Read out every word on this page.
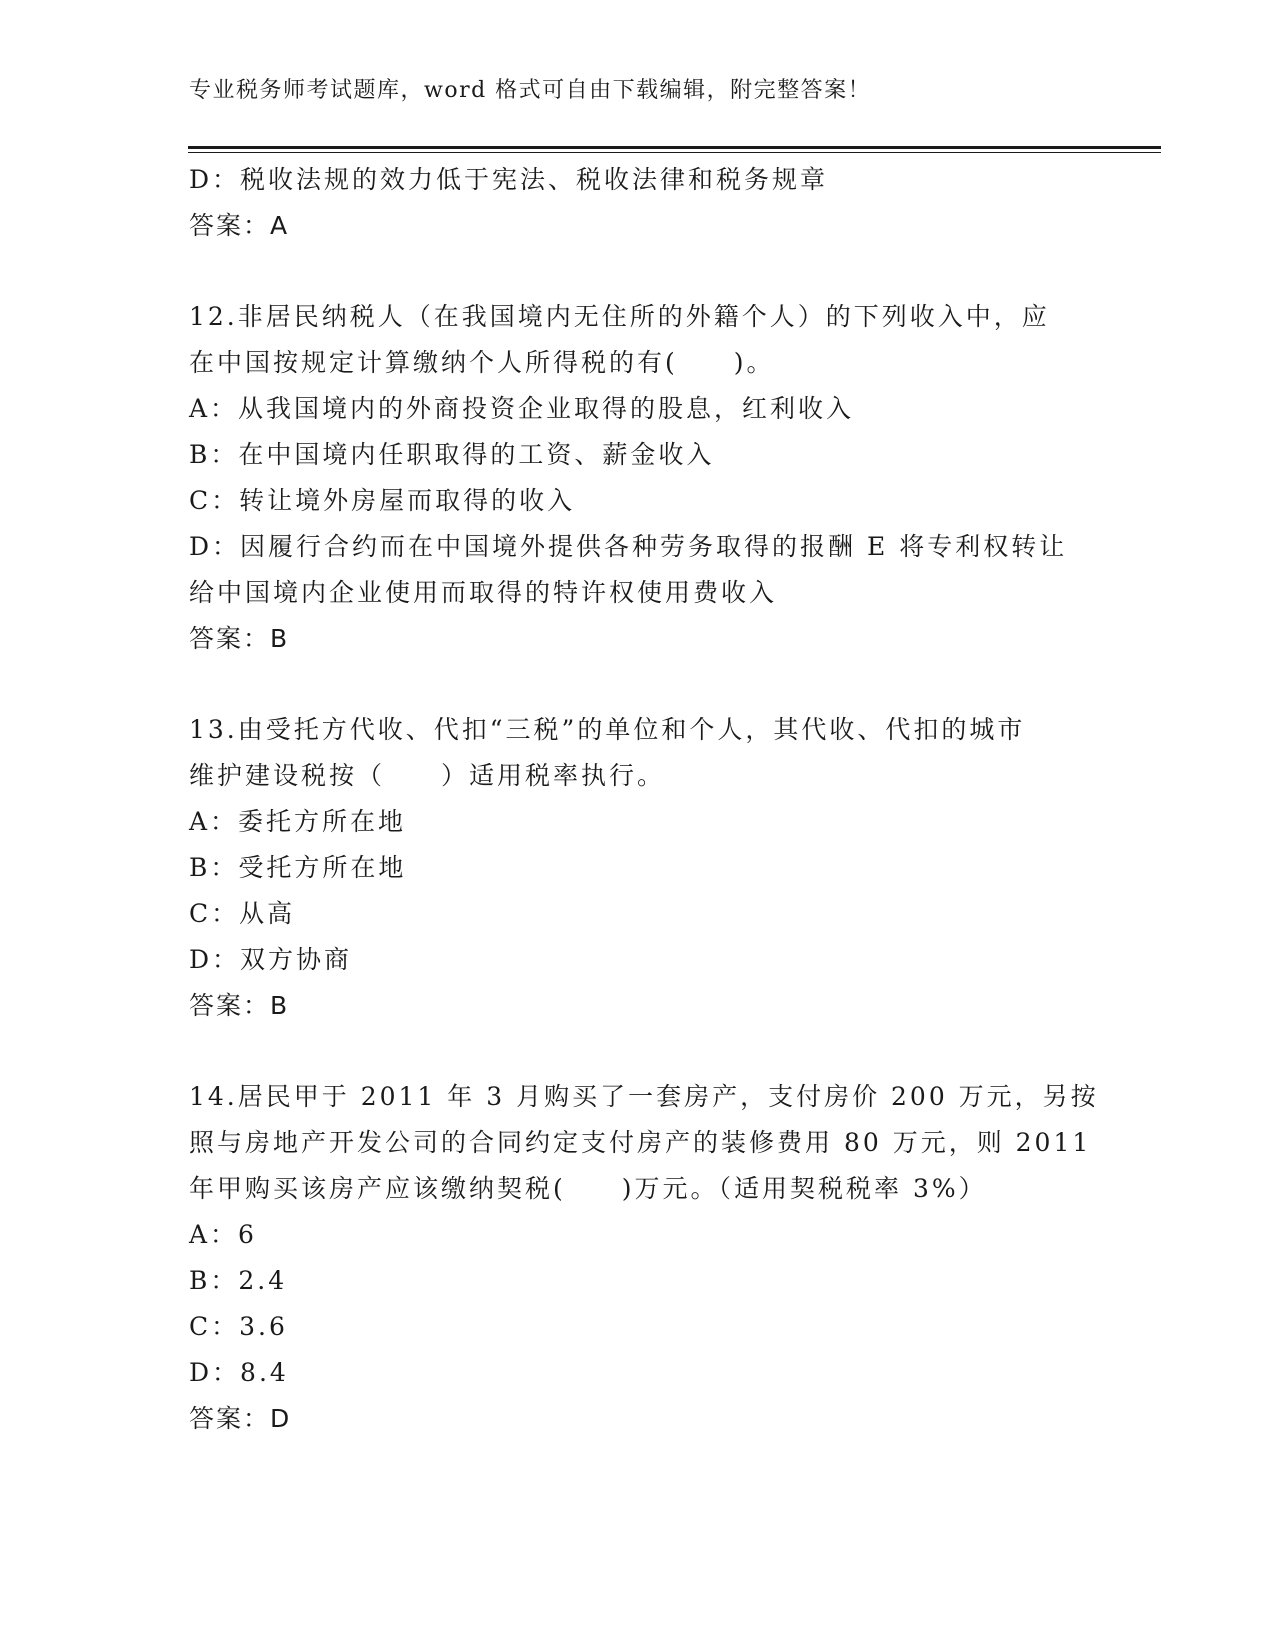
专业税务师考试题库，word 格式可自由下载编辑，附完整答案！

D：税收法规的效力低于宪法、税收法律和税务规章

答案：A

12.非居民纳税人（在我国境内无住所的外籍个人）的下列收入中，应

在中国按规定计算缴纳个人所得税的有(　　)。

A：从我国境内的外商投资企业取得的股息，红利收入

B：在中国境内任职取得的工资、薪金收入

C：转让境外房屋而取得的收入

D：因履行合约而在中国境外提供各种劳务取得的报酬 E 将专利权转让

给中国境内企业使用而取得的特许权使用费收入

答案：B

13.由受托方代收、代扣“三税”的单位和个人，其代收、代扣的城市

维护建设税按（　　）适用税率执行。

A：委托方所在地

B：受托方所在地

C：从高

D：双方协商

答案：B

14.居民甲于 2011 年 3 月购买了一套房产，支付房价 200 万元，另按

照与房地产开发公司的合同约定支付房产的装修费用 80 万元，则 2011

年甲购买该房产应该缴纳契税(　　)万元。（适用契税税率 3%）

A：6

B：2.4

C：3.6

D：8.4

答案：D
